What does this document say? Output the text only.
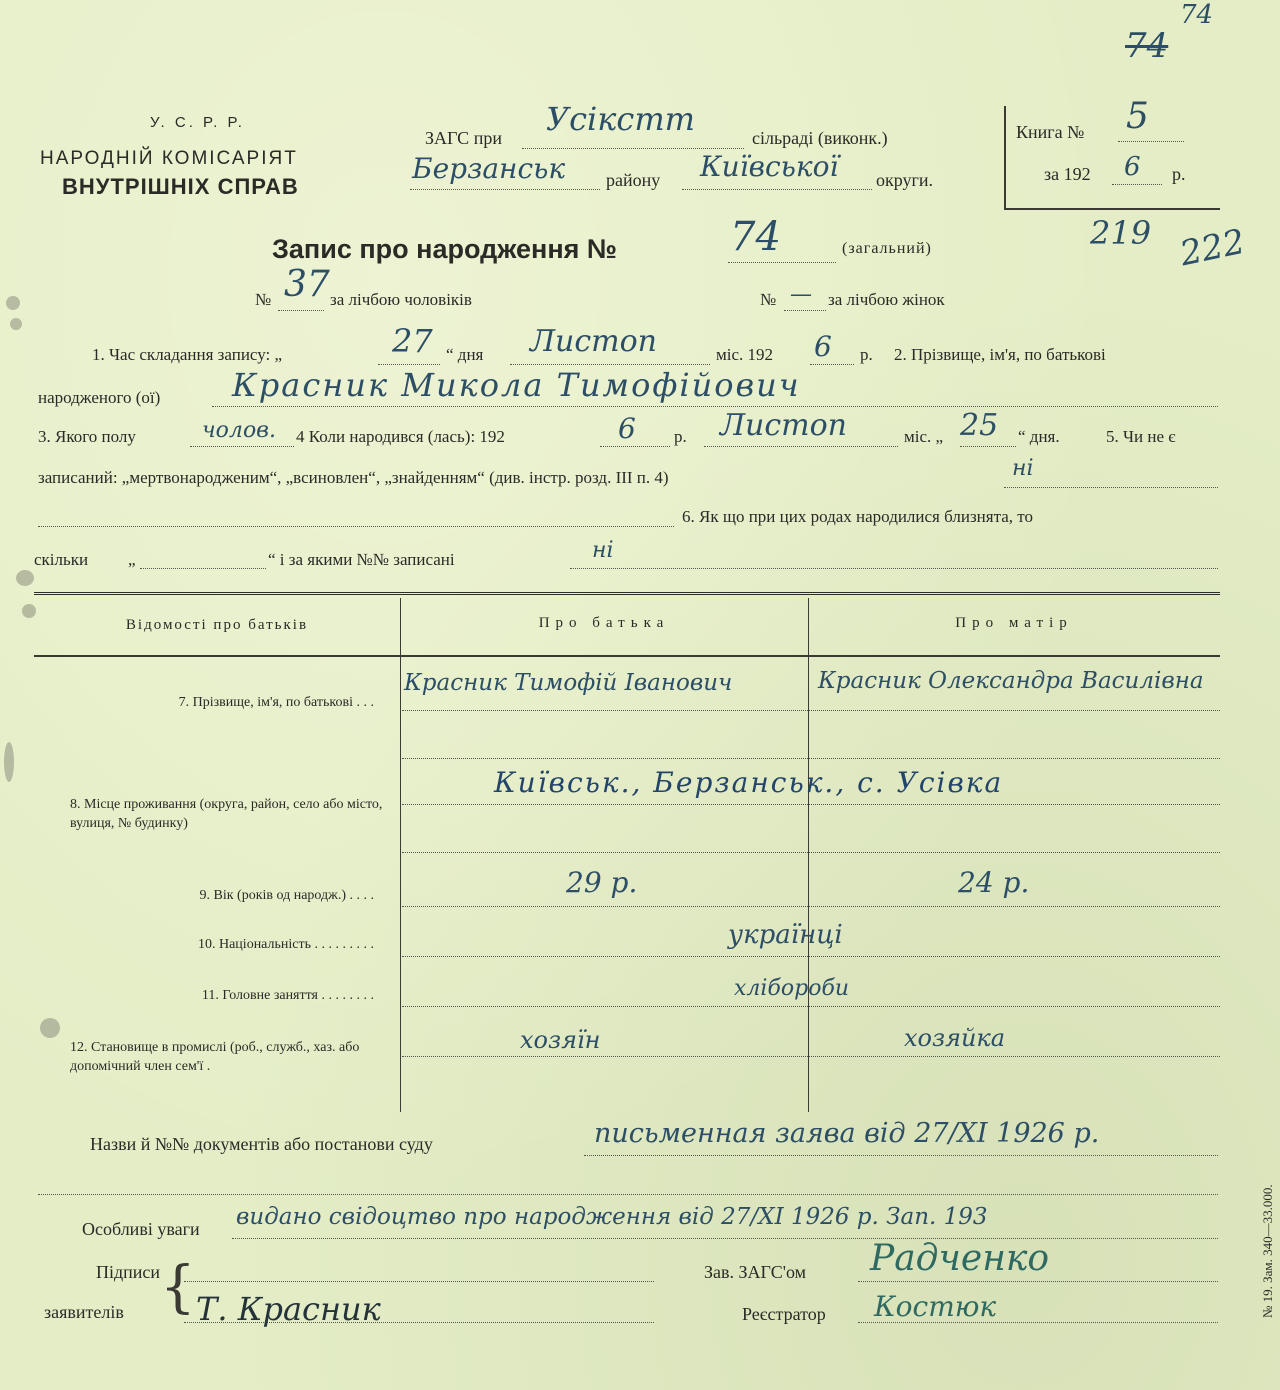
74
74
У. С. Р. Р.
НАРОДНІЙ КОМІСАРІЯТ
ВНУТРІШНІХ СПРАВ
ЗАГС при Усікстт	сільраді (виконк.)
Берзанськ району Київської округи.
Книга № 5
за 192 6 р.
Запис про народження №	74	(загальний)	219 222
№ 37 за лічбою чоловіків	№ — за лічбою жінок
1. Час складання запису: „	27 “ дня Листоп	міс. 192 6 р. 2. Прізвище, ім'я, по батькові
народженого (ої) Красник Микола Тимофійович
3. Якого полу	чолов. 4 Коли народився (лась): 192	6 р. Листоп	міс. „ 25 “ дня.	5. Чи не є
записаний: „мертвонародженим“, „всиновлен“, „знайденням“ (див. інстр. розд. III п. 4)	ні
6. Як що при цих родах народилися близнята, то
скільки „	“ і за якими №№ записані	ні
Відомості про батьків	Про батька	Про матір
7. Прізвище, ім'я, по батькові . . .
Красник Тимофій Іванович	Красник Олександра Василівна
8. Місце проживання (округа, район, село або місто, вулиця, № будинку)
Київськ., Берзанськ., с. Усівка
9. Вік (років од народж.) . . . .	29 р.	24 р.
10. Національність . . . . . . . . .	українці
11. Головне заняття . . . . . . . .	хлібороби
12. Становище в промислі (роб., служб., хаз. або допомічний член сем'ї .
хозяїн	хозяйка
Назви й №№ документів або постанови суду	письменная заява від 27/ХІ 1926 р.
Особливі уваги видано свідоцтво про народження від 27/ХІ 1926 р. Зап. 193
Підписи
заявителів { Т. Красник
Зав. ЗАГС'ом Радченко
Реєстратор Костюк	№ 19. Зам. 340—33.000.
